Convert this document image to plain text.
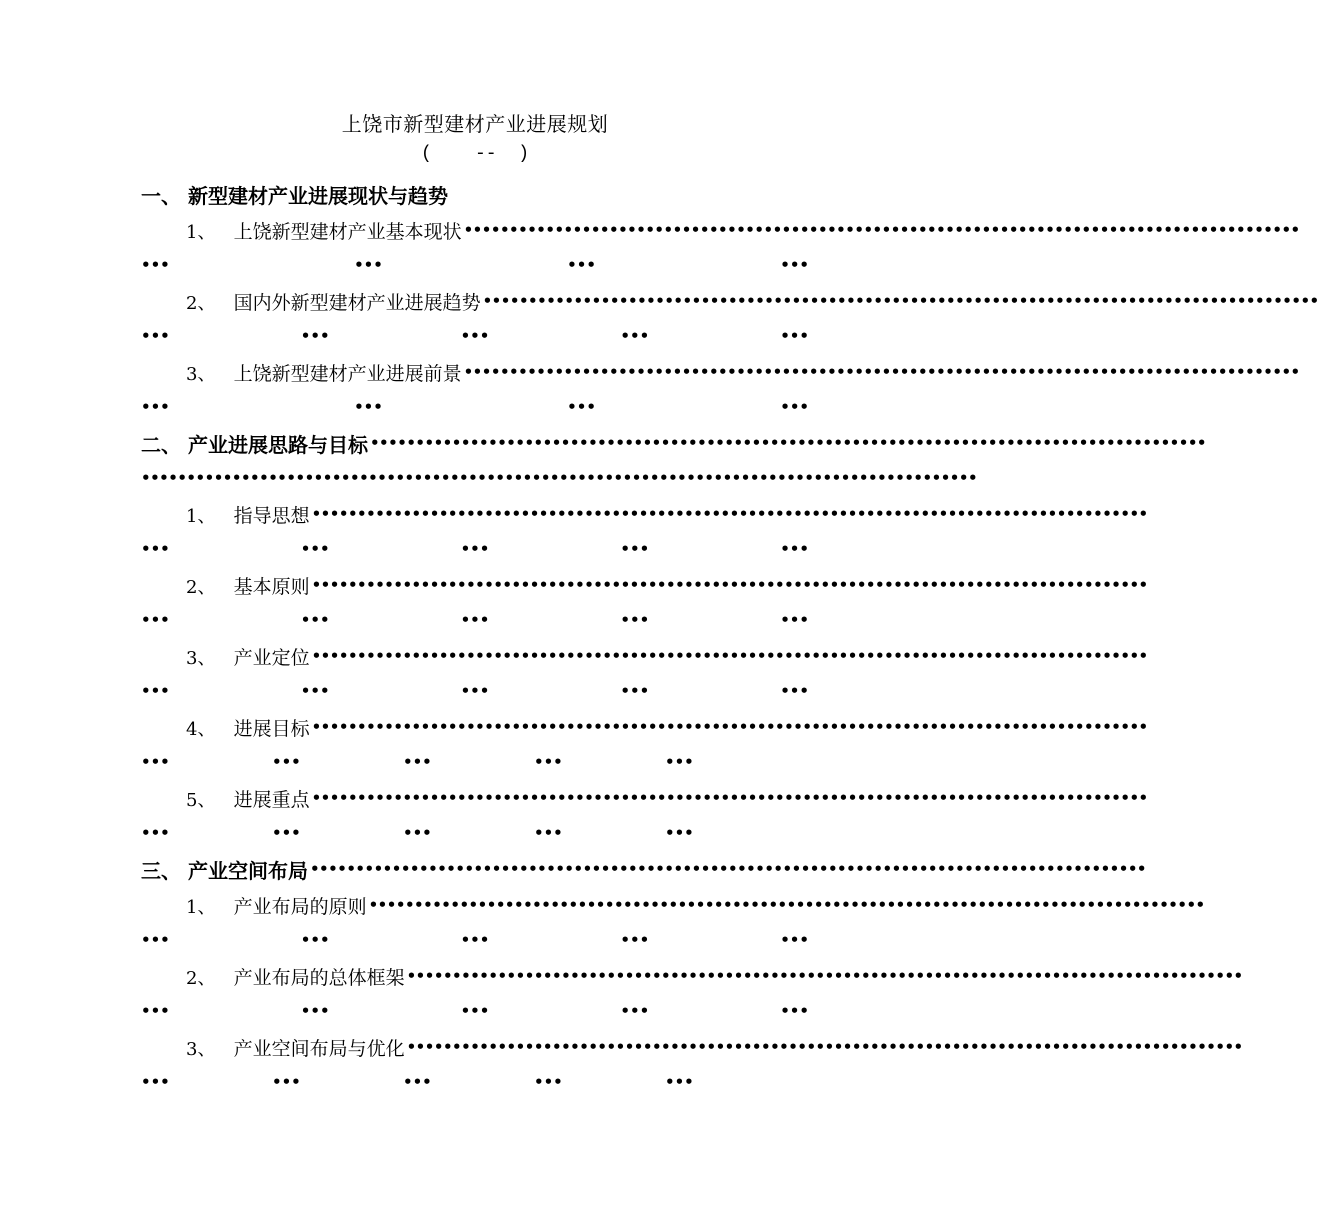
上饶市新型建材产业进展规划
(    --  )
一、 新型建材产业进展现状与趋势
1、 上饶新型建材产业基本现状 ••••••••••••••••••••••••••••••••••••••••••••••••••••••••••••••••••••••••••••••••••••••••••••
•••	•••	•••	•••
2、 国内外新型建材产业进展趋势 ••••••••••••••••••••••••••••••••••••••••••••••••••••••••••••••••••••••••••••••••••••••••••••
•••	•••	•••	•••	•••
3、 上饶新型建材产业进展前景 ••••••••••••••••••••••••••••••••••••••••••••••••••••••••••••••••••••••••••••••••••••••••••••
•••	•••	•••	•••
二、 产业进展思路与目标 ••••••••••••••••••••••••••••••••••••••••••••••••••••••••••••••••••••••••••••••••••••••••••••
••••••••••••••••••••••••••••••••••••••••••••••••••••••••••••••••••••••••••••••••••••••••••••
1、 指导思想 ••••••••••••••••••••••••••••••••••••••••••••••••••••••••••••••••••••••••••••••••••••••••••••
•••	•••	•••	•••	•••
2、 基本原则 ••••••••••••••••••••••••••••••••••••••••••••••••••••••••••••••••••••••••••••••••••••••••••••
•••	•••	•••	•••	•••
3、 产业定位 ••••••••••••••••••••••••••••••••••••••••••••••••••••••••••••••••••••••••••••••••••••••••••••
•••	•••	•••	•••	•••
4、 进展目标 ••••••••••••••••••••••••••••••••••••••••••••••••••••••••••••••••••••••••••••••••••••••••••••
•••	•••	•••	•••	•••
5、 进展重点 ••••••••••••••••••••••••••••••••••••••••••••••••••••••••••••••••••••••••••••••••••••••••••••
•••	•••	•••	•••	•••
三、 产业空间布局 ••••••••••••••••••••••••••••••••••••••••••••••••••••••••••••••••••••••••••••••••••••••••••••
1、 产业布局的原则 ••••••••••••••••••••••••••••••••••••••••••••••••••••••••••••••••••••••••••••••••••••••••••••
•••	•••	•••	•••	•••
2、 产业布局的总体框架 ••••••••••••••••••••••••••••••••••••••••••••••••••••••••••••••••••••••••••••••••••••••••••••
•••	•••	•••	•••	•••
3、 产业空间布局与优化 ••••••••••••••••••••••••••••••••••••••••••••••••••••••••••••••••••••••••••••••••••••••••••••
•••	•••	•••	•••	•••
